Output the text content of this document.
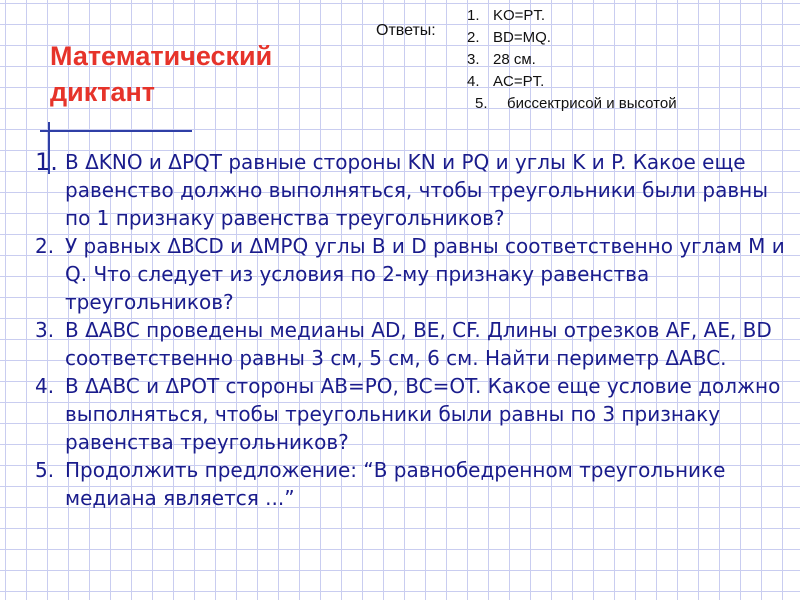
Математический диктант
Ответы:
1. KO=PT.
2. BD=MQ.
3. 28 см.
4. AC=PT.
5. биссектрисой и высотой
1. В ΔKNO и ΔPQT равные стороны KN и PQ и углы K и P. Какое еще равенство должно выполняться, чтобы треугольники были равны по 1 признаку равенства треугольников?
2. У равных ΔBCD и ΔMPQ углы B и D равны соответственно углам M и Q. Что следует из условия по 2-му признаку равенства треугольников?
3. В ΔABC проведены медианы AD, BE, CF. Длины отрезков AF, AE, BD соответственно равны 3 см, 5 см, 6 см. Найти периметр ΔABC.
4. В ΔABC и ΔPOT стороны AB=PO, BC=OT. Какое еще условие должно выполняться, чтобы треугольники были равны по 3 признаку равенства треугольников?
5. Продолжить предложение: “В равнобедренном треугольнике медиана является ...”
